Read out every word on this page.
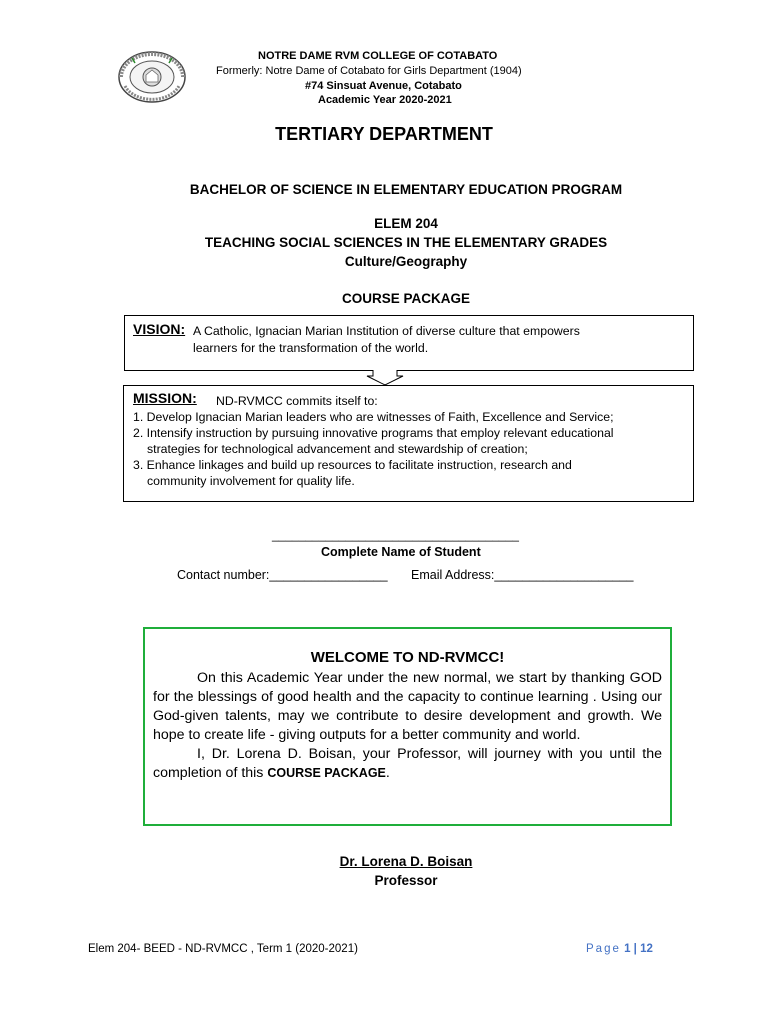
NOTRE DAME RVM COLLEGE OF COTABATO
Formerly: Notre Dame of Cotabato for Girls Department (1904)
#74 Sinsuat Avenue, Cotabato
Academic Year 2020-2021
TERTIARY DEPARTMENT
BACHELOR OF SCIENCE IN ELEMENTARY EDUCATION PROGRAM
ELEM 204
TEACHING SOCIAL SCIENCES IN THE ELEMENTARY GRADES
Culture/Geography
COURSE PACKAGE
VISION: A Catholic, Ignacian Marian Institution of diverse culture that empowers
learners for the transformation of the world.
MISSION: ND-RVMCC commits itself to:
1. Develop Ignacian Marian leaders who are witnesses of Faith, Excellence and Service;
2. Intensify instruction by pursuing innovative programs that employ relevant educational
strategies for technological advancement and stewardship of creation;
3. Enhance linkages and build up resources to facilitate instruction, research and
community involvement for quality life.
_____________________________________
Complete Name of Student
Contact number:_________________ Email Address:____________________
WELCOME TO ND-RVMCC!
On this Academic Year under the new normal, we start by thanking GOD for the blessings of good health and the capacity to continue learning . Using our God-given talents, may we contribute to desire development and growth. We hope to create life - giving outputs for a better community and world.
I, Dr. Lorena D. Boisan, your Professor, will journey with you until the completion of this COURSE PACKAGE.
Dr. Lorena D. Boisan
Professor
Elem 204- BEED - ND-RVMCC , Term 1 (2020-2021)	Page 1 | 12
